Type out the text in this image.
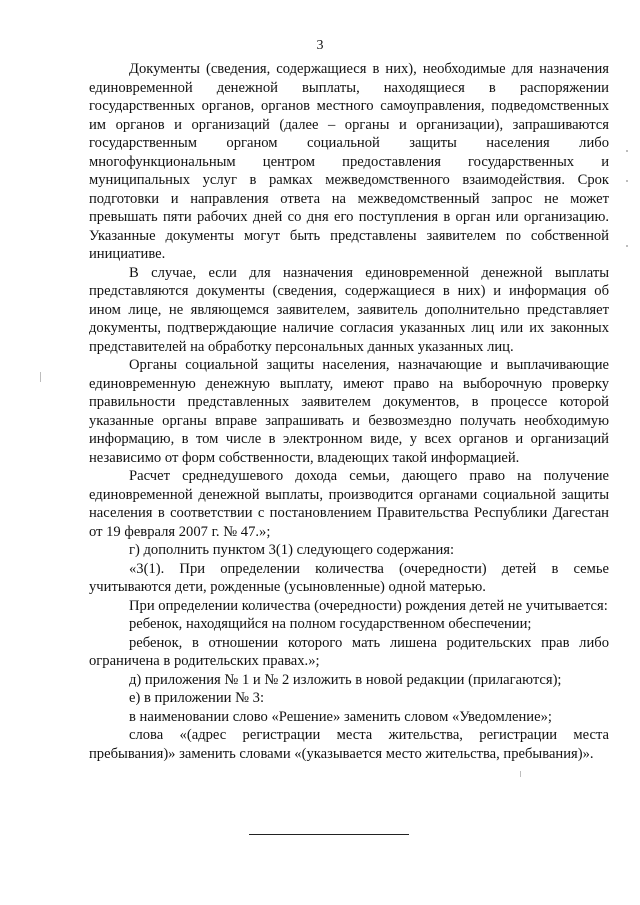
3

Документы (сведения, содержащиеся в них), необходимые для назначения единовременной денежной выплаты, находящиеся в распоряжении государственных органов, органов местного самоуправления, подведомственных им органов и организаций (далее – органы и организации), запрашиваются государственным органом социальной защиты населения либо многофункциональным центром предоставления государственных и муниципальных услуг в рамках межведомственного взаимодействия. Срок подготовки и направления ответа на межведомственный запрос не может превышать пяти рабочих дней со дня его поступления в орган или организацию. Указанные документы могут быть представлены заявителем по собственной инициативе.

В случае, если для назначения единовременной денежной выплаты представляются документы (сведения, содержащиеся в них) и информация об ином лице, не являющемся заявителем, заявитель дополнительно представляет документы, подтверждающие наличие согласия указанных лиц или их законных представителей на обработку персональных данных указанных лиц.

Органы социальной защиты населения, назначающие и выплачивающие единовременную денежную выплату, имеют право на выборочную проверку правильности представленных заявителем документов, в процессе которой указанные органы вправе запрашивать и безвозмездно получать необходимую информацию, в том числе в электронном виде, у всех органов и организаций независимо от форм собственности, владеющих такой информацией.

Расчет среднедушевого дохода семьи, дающего право на получение единовременной денежной выплаты, производится органами социальной защиты населения в соответствии с постановлением Правительства Республики Дагестан от 19 февраля 2007 г. № 47.»;

г) дополнить пунктом 3(1) следующего содержания:

«3(1). При определении количества (очередности) детей в семье учитываются дети, рожденные (усыновленные) одной матерью.

При определении количества (очередности) рождения детей не учитывается:

ребенок, находящийся на полном государственном обеспечении;

ребенок, в отношении которого мать лишена родительских прав либо ограничена в родительских правах.»;

д) приложения № 1 и № 2 изложить в новой редакции (прилагаются);

е) в приложении № 3:

в наименовании слово «Решение» заменить словом «Уведомление»;

слова «(адрес регистрации места жительства, регистрации места пребывания)» заменить словами «(указывается место жительства, пребывания)».
